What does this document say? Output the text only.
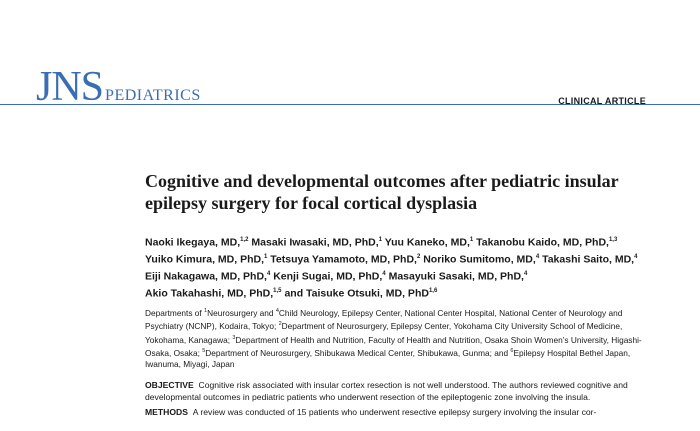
JNS PEDIATRICS	CLINICAL ARTICLE
Cognitive and developmental outcomes after pediatric insular epilepsy surgery for focal cortical dysplasia
Naoki Ikegaya, MD,$^{1,2}$ Masaki Iwasaki, MD, PhD,$^1$ Yuu Kaneko, MD,$^1$ Takanobu Kaido, MD, PhD,$^{1,3}$
Yuiko Kimura, MD, PhD,$^1$ Tetsuya Yamamoto, MD, PhD,$^2$ Noriko Sumitomo, MD,$^4$ Takashi Saito, MD,$^4$
Eiji Nakagawa, MD, PhD,$^4$ Kenji Sugai, MD, PhD,$^4$ Masayuki Sasaki, MD, PhD,$^4$
Akio Takahashi, MD, PhD,$^{1,5}$ and Taisuke Otsuki, MD, PhD$^{1,6}$
Departments of $^1$Neurosurgery and $^4$Child Neurology, Epilepsy Center, National Center Hospital, National Center of Neurology and Psychiatry (NCNP), Kodaira, Tokyo; $^2$Department of Neurosurgery, Epilepsy Center, Yokohama City University School of Medicine, Yokohama, Kanagawa; $^3$Department of Health and Nutrition, Faculty of Health and Nutrition, Osaka Shoin Women’s University, Higashi-Osaka, Osaka; $^5$Department of Neurosurgery, Shibukawa Medical Center, Shibukawa, Gunma; and $^6$Epilepsy Hospital Bethel Japan, Iwanuma, Miyagi, Japan

OBJECTIVE Cognitive risk associated with insular cortex resection is not well understood. The authors reviewed cognitive and developmental outcomes in pediatric patients who underwent resection of the epileptogenic zone involving the insula.

METHODS A review was conducted of 15 patients who underwent resective epilepsy surgery involving the insular cor-
